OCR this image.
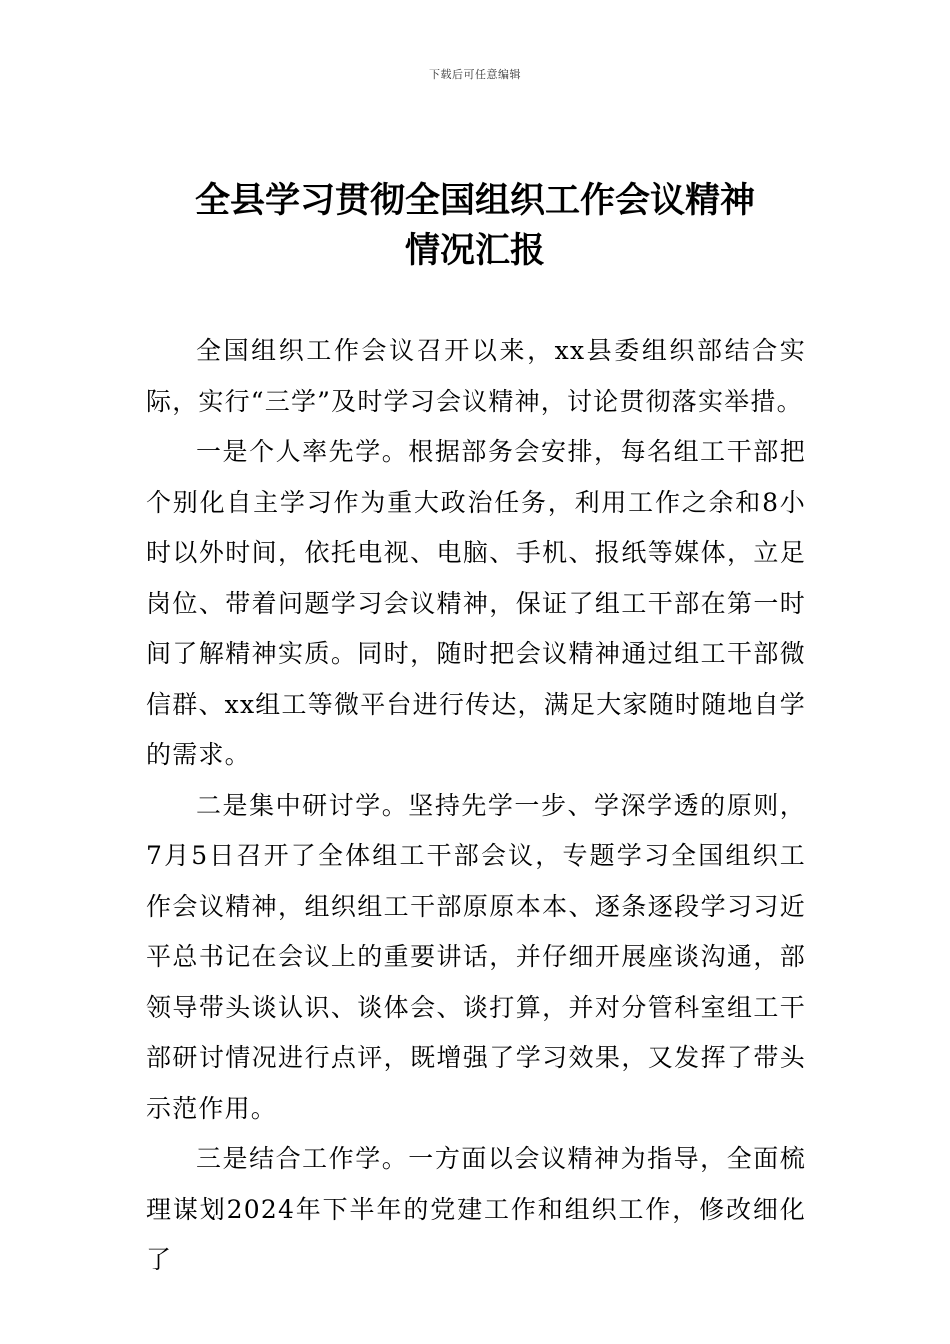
下载后可任意编辑
全县学习贯彻全国组织工作会议精神
情况汇报

全国组织工作会议召开以来，xx县委组织部结合实际，实行“三学”及时学习会议精神，讨论贯彻落实举措。

一是个人率先学。根据部务会安排，每名组工干部把个别化自主学习作为重大政治任务，利用工作之余和8小时以外时间，依托电视、电脑、手机、报纸等媒体，立足岗位、带着问题学习会议精神，保证了组工干部在第一时间了解精神实质。同时，随时把会议精神通过组工干部微信群、xx组工等微平台进行传达，满足大家随时随地自学的需求。

二是集中研讨学。坚持先学一步、学深学透的原则，7月5日召开了全体组工干部会议，专题学习全国组织工作会议精神，组织组工干部原原本本、逐条逐段学习习近平总书记在会议上的重要讲话，并仔细开展座谈沟通，部领导带头谈认识、谈体会、谈打算，并对分管科室组工干部研讨情况进行点评，既增强了学习效果，又发挥了带头示范作用。

三是结合工作学。一方面以会议精神为指导，全面梳理谋划2024年下半年的党建工作和组织工作，修改细化了
